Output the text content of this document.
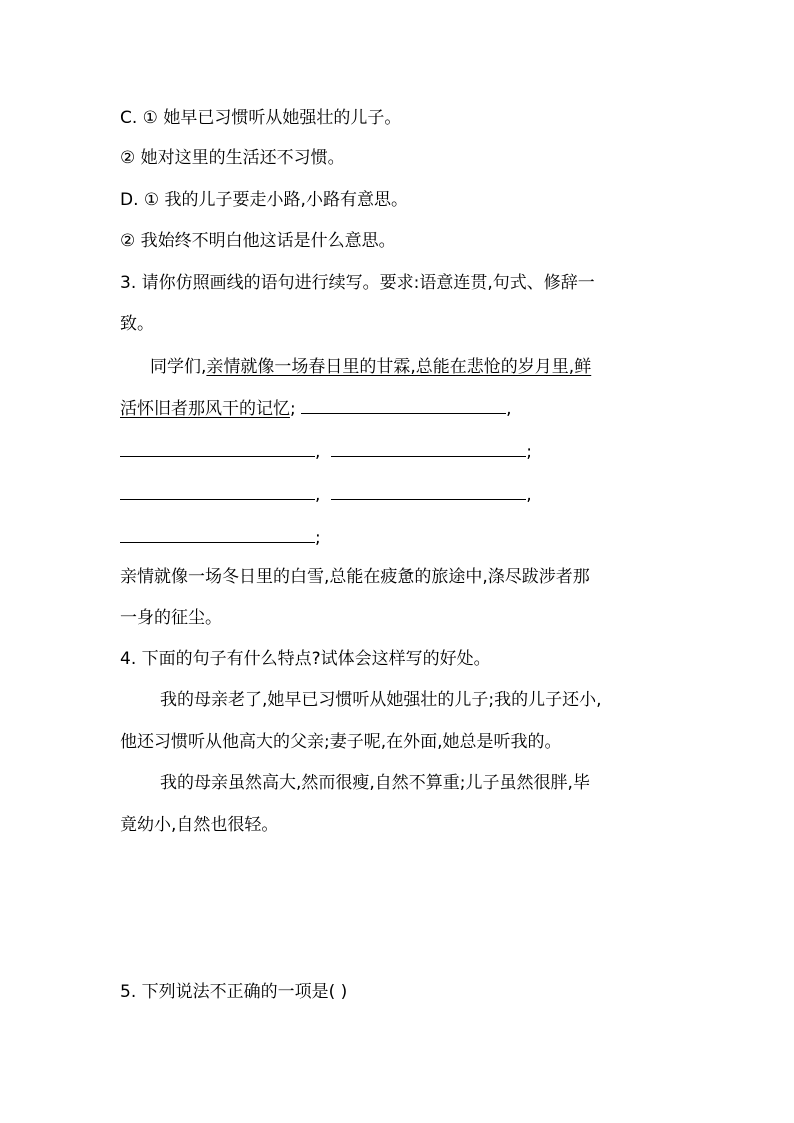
C. ① 她早已习惯听从她强壮的儿子。
② 她对这里的生活还不习惯。
D. ① 我的儿子要走小路,小路有意思。
② 我始终不明白他这话是什么意思。
3. 请你仿照画线的语句进行续写。要求:语意连贯,句式、修辞一
致。
同学们,亲情就像一场春日里的甘霖,总能在悲怆的岁月里,鲜
活怀旧者那风干的记忆;	,
,	;
,	,
;
亲情就像一场冬日里的白雪,总能在疲惫的旅途中,涤尽跋涉者那
一身的征尘。
4. 下面的句子有什么特点?试体会这样写的好处。
我的母亲老了,她早已习惯听从她强壮的儿子;我的儿子还小,
他还习惯听从他高大的父亲;妻子呢,在外面,她总是听我的。
我的母亲虽然高大,然而很瘦,自然不算重;儿子虽然很胖,毕
竟幼小,自然也很轻。
5. 下列说法不正确的一项是( )
